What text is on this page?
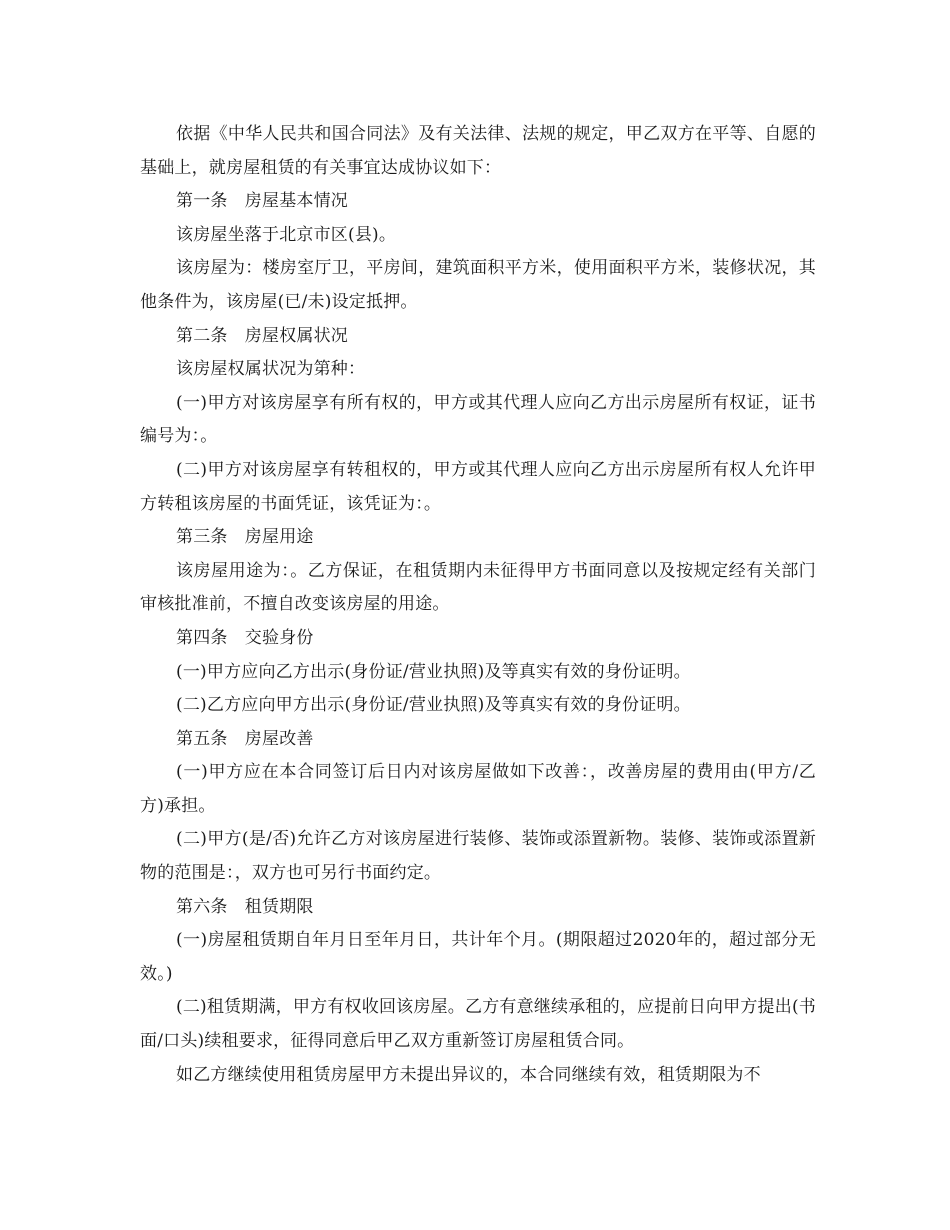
依据《中华人民共和国合同法》及有关法律、法规的规定，甲乙双方在平等、自愿的基础上，就房屋租赁的有关事宜达成协议如下：

第一条　房屋基本情况

该房屋坐落于北京市区(县)。

该房屋为：楼房室厅卫，平房间，建筑面积平方米，使用面积平方米，装修状况，其他条件为，该房屋(已/未)设定抵押。

第二条　房屋权属状况

该房屋权属状况为第种：

(一)甲方对该房屋享有所有权的，甲方或其代理人应向乙方出示房屋所有权证，证书编号为：。

(二)甲方对该房屋享有转租权的，甲方或其代理人应向乙方出示房屋所有权人允许甲方转租该房屋的书面凭证，该凭证为：。

第三条　房屋用途

该房屋用途为：。乙方保证，在租赁期内未征得甲方书面同意以及按规定经有关部门审核批准前，不擅自改变该房屋的用途。

第四条　交验身份

(一)甲方应向乙方出示(身份证/营业执照)及等真实有效的身份证明。

(二)乙方应向甲方出示(身份证/营业执照)及等真实有效的身份证明。

第五条　房屋改善

(一)甲方应在本合同签订后日内对该房屋做如下改善：，改善房屋的费用由(甲方/乙方)承担。

(二)甲方(是/否)允许乙方对该房屋进行装修、装饰或添置新物。装修、装饰或添置新物的范围是：，双方也可另行书面约定。

第六条　租赁期限

(一)房屋租赁期自年月日至年月日，共计年个月。(期限超过2020年的，超过部分无效。)

(二)租赁期满，甲方有权收回该房屋。乙方有意继续承租的，应提前日向甲方提出(书面/口头)续租要求，征得同意后甲乙双方重新签订房屋租赁合同。

如乙方继续使用租赁房屋甲方未提出异议的，本合同继续有效，租赁期限为不
